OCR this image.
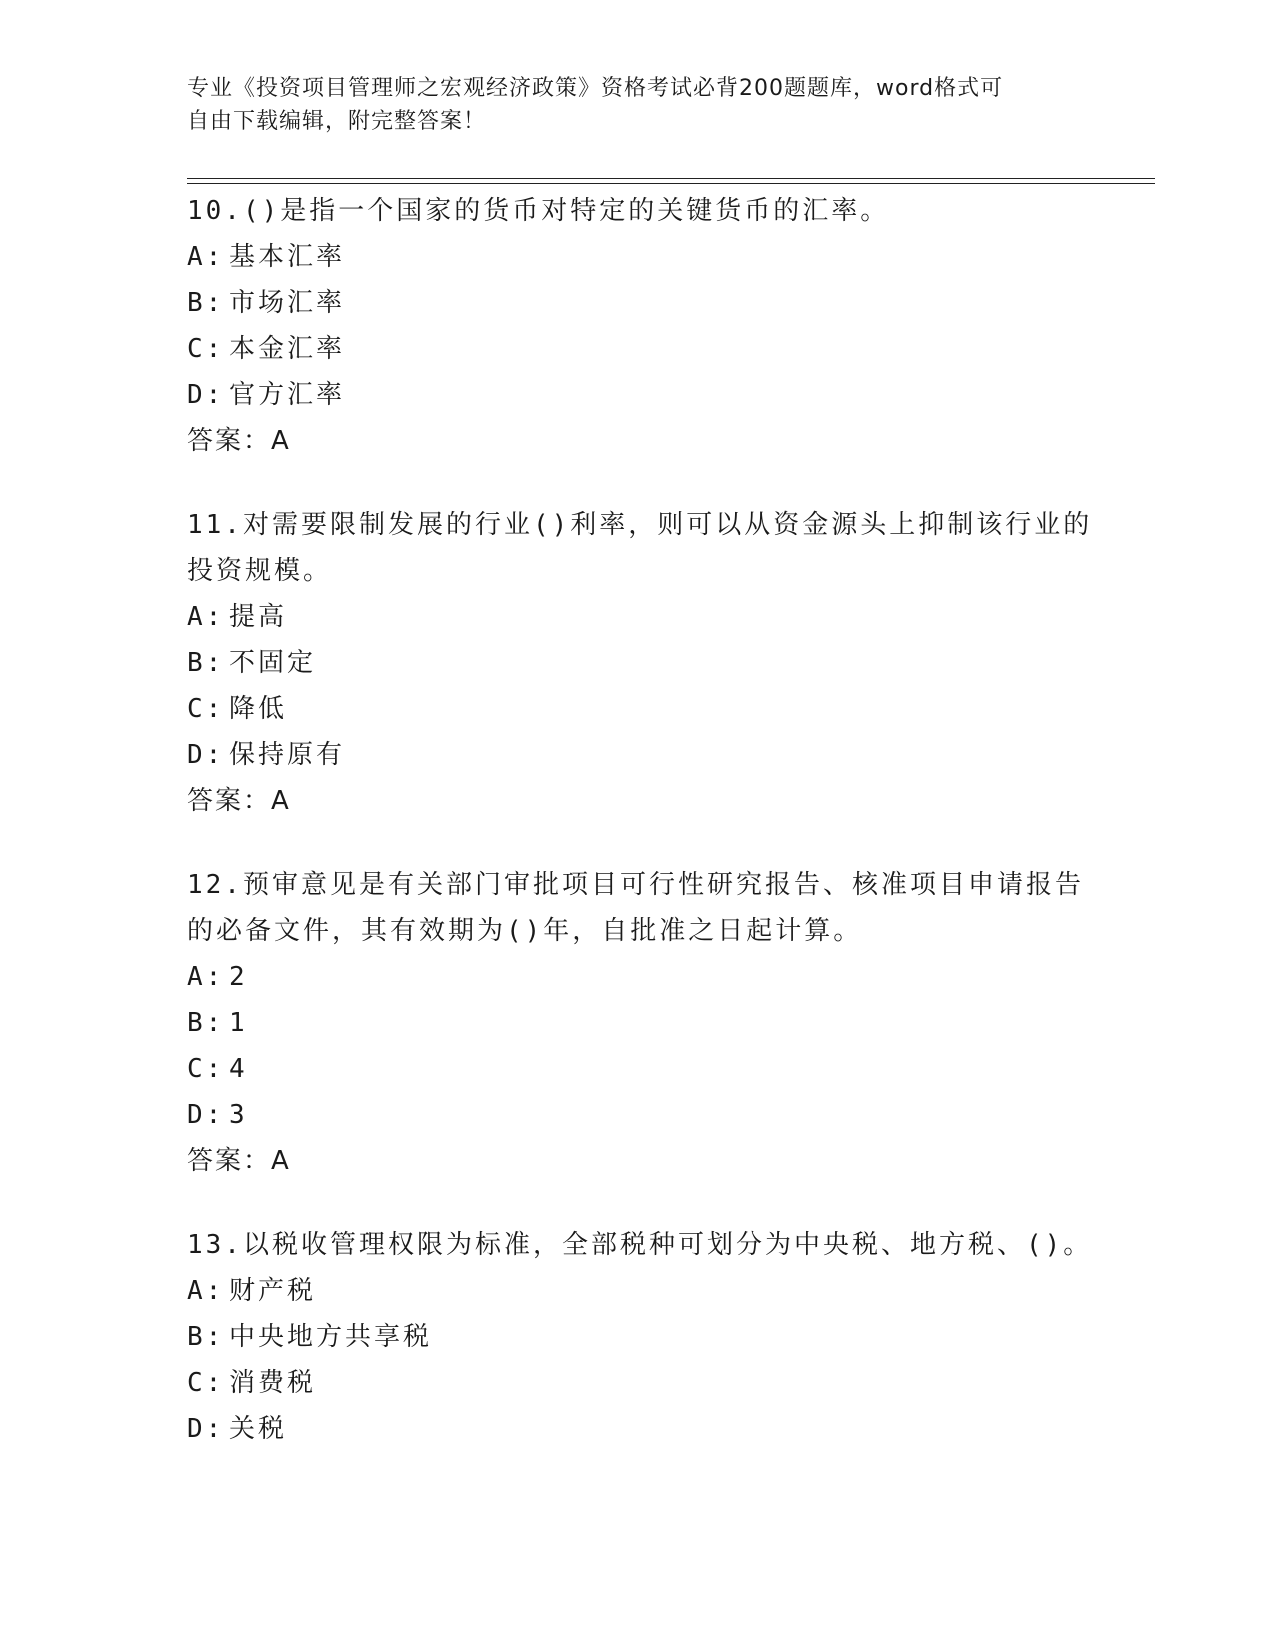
专业《投资项目管理师之宏观经济政策》资格考试必背200题题库，word格式可
自由下载编辑，附完整答案！
10.()是指一个国家的货币对特定的关键货币的汇率。
A: 基本汇率
B: 市场汇率
C: 本金汇率
D: 官方汇率
答案：A
11.对需要限制发展的行业()利率，则可以从资金源头上抑制该行业的
投资规模。
A: 提高
B: 不固定
C: 降低
D: 保持原有
答案：A
12.预审意见是有关部门审批项目可行性研究报告、核准项目申请报告
的必备文件，其有效期为()年，自批准之日起计算。
A: 2
B: 1
C: 4
D: 3
答案：A
13.以税收管理权限为标准，全部税种可划分为中央税、地方税、()。
A: 财产税
B: 中央地方共享税
C: 消费税
D: 关税
